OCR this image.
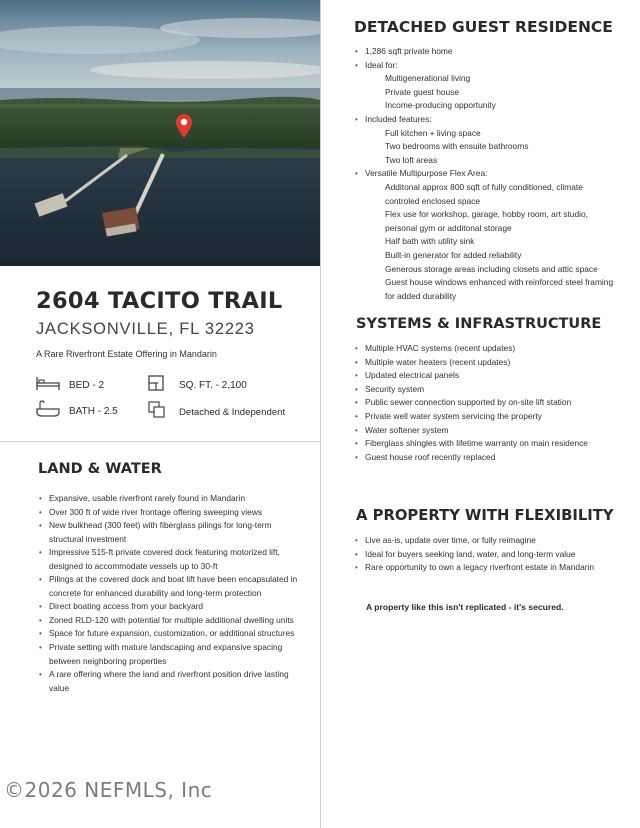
2604 TACITO TRAIL
JACKSONVILLE, FL 32223
A Rare Riverfront Estate Offering in Mandarin
BED - 2
BATH - 2.5
SQ. FT. - 2,100
Detached & Independent
LAND & WATER
• Expansive, usable riverfront rarely found in Mandarin
• Over 300 ft of wide river frontage offering sweeping views
• New bulkhead (300 feet) with fiberglass pilings for long-term structural investment
• Impressive 515-ft private covered dock featuring motorized lift, designed to accommodate vessels up to 30-ft
• Pilings at the covered dock and boat lift have been encapsulated in concrete for enhanced durability and long-term protection
• Direct boating access from your backyard
• Zoned RLD-120 with potential for multiple additional dwelling units
• Space for future expansion, customization, or additional structures
• Private setting with mature landscaping and expansive spacing between neighboring properties
• A rare offering where the land and riverfront position drive lasting value
DETACHED GUEST RESIDENCE
• 1,286 sqft private home
• Ideal for:
Multigenerational living
Private guest house
Income-producing opportunity
• Included features:
Full kitchen + living space
Two bedrooms with ensuite bathrooms
Two loft areas
• Versatile Multipurpose Flex Area:
Additonal approx 800 sqft of fully conditioned, climate controled enclosed space
Flex use for workshop, garage, hobby room, art studio, personal gym or additonal storage
Half bath with utility sink
Built-in generator for added reliability
Generous storage areas including closets and attic space
Guest house windows enhanced with reinforced steel framing for added durability
SYSTEMS & INFRASTRUCTURE
• Multiple HVAC systems (recent updates)
• Multiple water heaters (recent updates)
• Updated electrical panels
• Security system
• Public sewer connection supported by on-site lift station
• Private well water system servicing the property
• Water softener system
• Fiberglass shingles with lifetime warranty on main residence
• Guest house roof recently replaced
A PROPERTY WITH FLEXIBILITY
• Live as-is, update over time, or fully reimagine
• Ideal for buyers seeking land, water, and long-term value
• Rare opportunity to own a legacy riverfront estate in Mandarin
A property like this isn't replicated - it's secured.
©2026 NEFMLS, Inc
